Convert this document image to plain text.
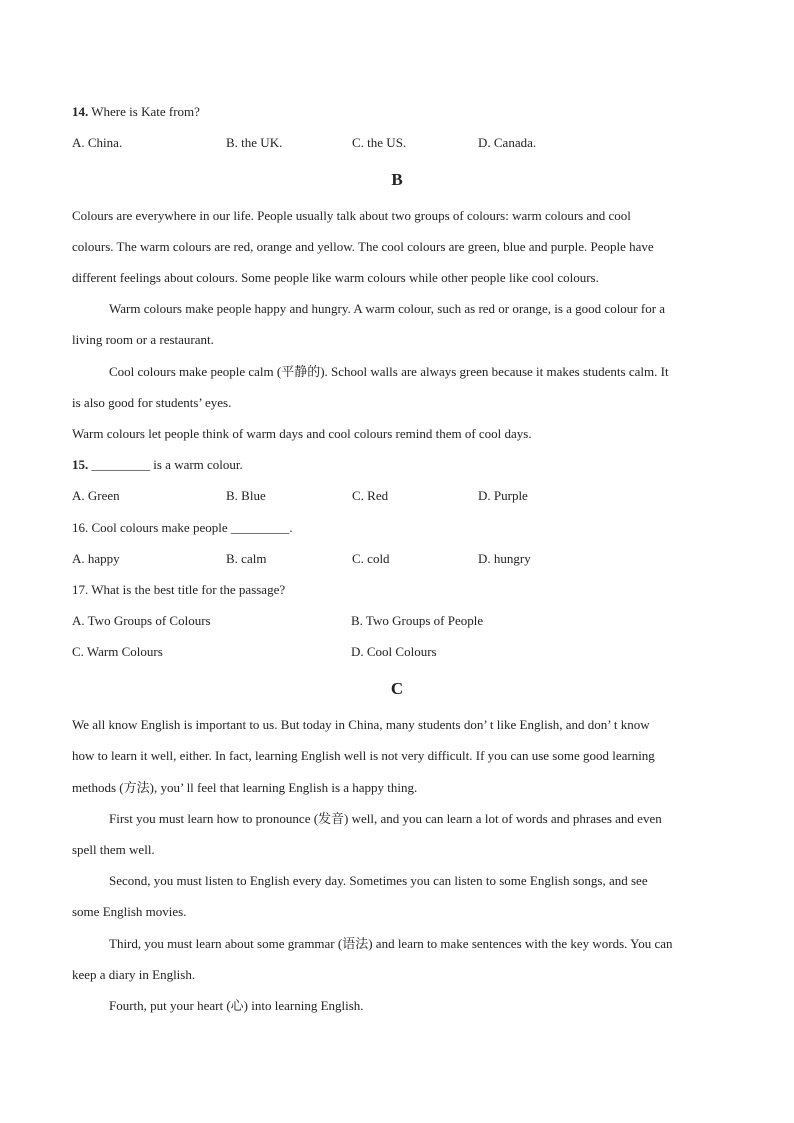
14. Where is Kate from?
A. China.	B. the UK.	C. the US.	D. Canada.
B
Colours are everywhere in our life. People usually talk about two groups of colours: warm colours and cool
colours. The warm colours are red, orange and yellow. The cool colours are green, blue and purple. People have
different feelings about colours. Some people like warm colours while other people like cool colours.
Warm colours make people happy and hungry. A warm colour, such as red or orange, is a good colour for a
living room or a restaurant.
Cool colours make people calm (平静的). School walls are always green because it makes students calm. It
is also good for students’ eyes.
Warm colours let people think of warm days and cool colours remind them of cool days.
15. _________ is a warm colour.
A. Green	B. Blue	C. Red	D. Purple
16. Cool colours make people _________.
A. happy	B. calm	C. cold	D. hungry
17. What is the best title for the passage?
A. Two Groups of Colours	B. Two Groups of People
C. Warm Colours	D. Cool Colours
C
We all know English is important to us. But today in China, many students don’ t like English, and don’ t know
how to learn it well, either. In fact, learning English well is not very difficult. If you can use some good learning
methods (方法), you’ ll feel that learning English is a happy thing.
First you must learn how to pronounce (发音) well, and you can learn a lot of words and phrases and even
spell them well.
Second, you must listen to English every day. Sometimes you can listen to some English songs, and see
some English movies.
Third, you must learn about some grammar (语法) and learn to make sentences with the key words. You can
keep a diary in English.
Fourth, put your heart (心) into learning English.
